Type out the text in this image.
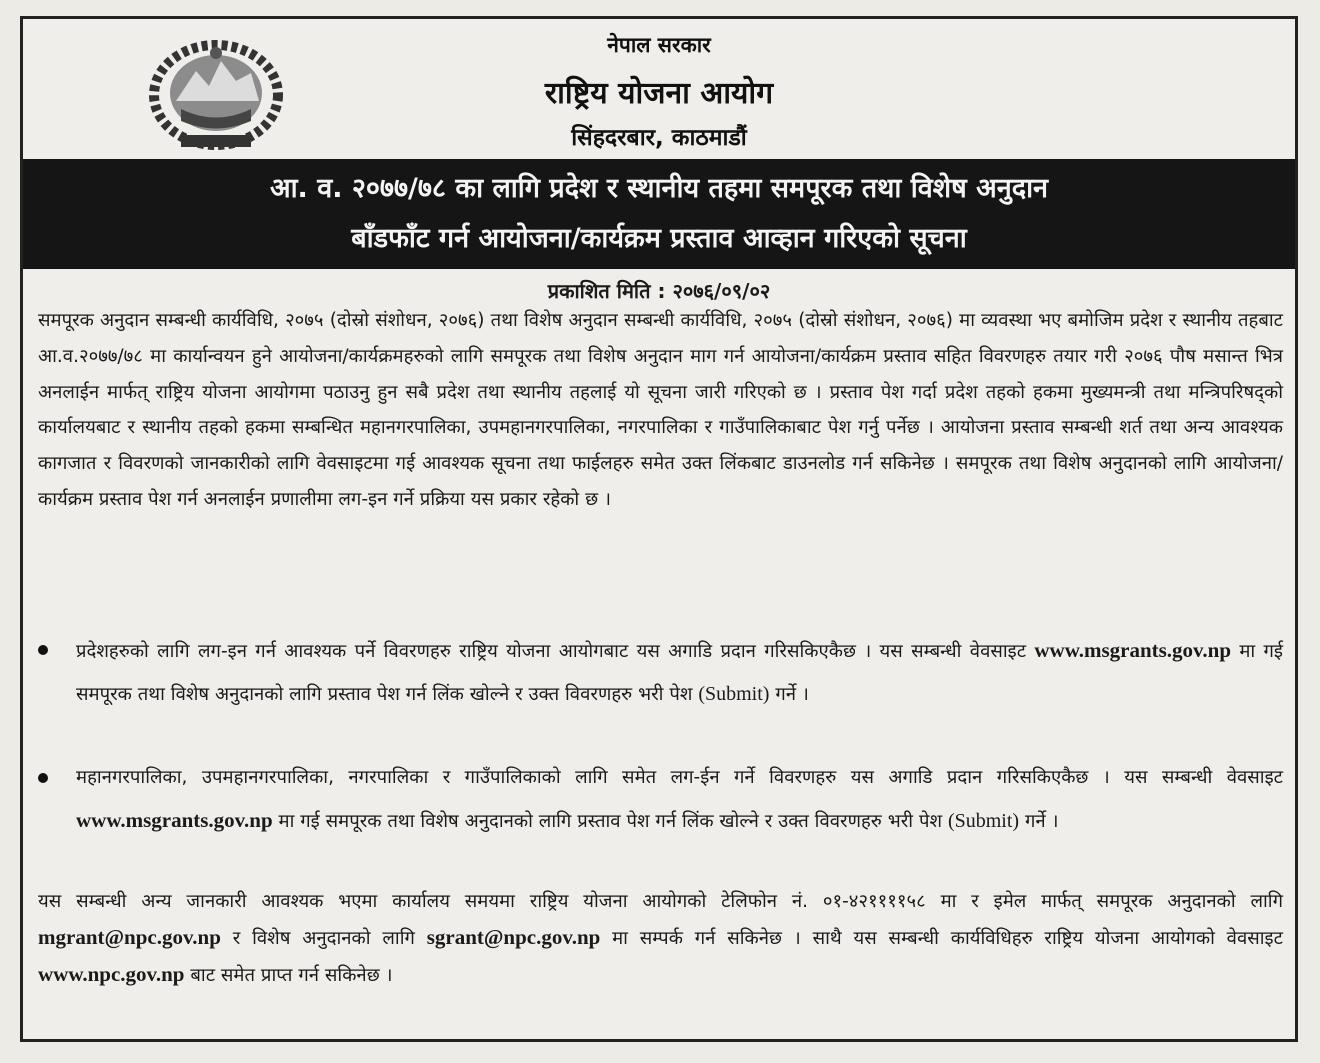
नेपाल सरकार
राष्ट्रिय योजना आयोग
सिंहदरबार, काठमाडौं
आ. व. २०७७/७८ का लागि प्रदेश र स्थानीय तहमा समपूरक तथा विशेष अनुदान
बाँडफाँट गर्न आयोजना/कार्यक्रम प्रस्ताव आव्हान गरिएको सूचना
प्रकाशित मिति : २०७६/०९/०२

समपूरक अनुदान सम्बन्धी कार्यविधि, २०७५ (दोस्रो संशोधन, २०७६) तथा विशेष अनुदान सम्बन्धी कार्यविधि, २०७५ (दोस्रो संशोधन, २०७६) मा व्यवस्था भए बमोजिम प्रदेश र स्थानीय तहबाट आ.व.२०७७/७८ मा कार्यान्वयन हुने आयोजना/कार्यक्रमहरुको लागि समपूरक तथा विशेष अनुदान माग गर्न आयोजना/कार्यक्रम प्रस्ताव सहित विवरणहरु तयार गरी २०७६ पौष मसान्त भित्र अनलाईन मार्फत् राष्ट्रिय योजना आयोगमा पठाउनु हुन सबै प्रदेश तथा स्थानीय तहलाई यो सूचना जारी गरिएको छ । प्रस्ताव पेश गर्दा प्रदेश तहको हकमा मुख्यमन्त्री तथा मन्त्रिपरिषद्को कार्यालयबाट र स्थानीय तहको हकमा सम्बन्धित महानगरपालिका, उपमहानगरपालिका, नगरपालिका र गाउँपालिकाबाट पेश गर्नु पर्नेछ । आयोजना प्रस्ताव सम्बन्धी शर्त तथा अन्य आवश्यक कागजात र विवरणको जानकारीको लागि वेवसाइटमा गई आवश्यक सूचना तथा फाईलहरु समेत उक्त लिंकबाट डाउनलोड गर्न सकिनेछ । समपूरक तथा विशेष अनुदानको लागि आयोजना/कार्यक्रम प्रस्ताव पेश गर्न अनलाईन प्रणालीमा लग-इन गर्ने प्रक्रिया यस प्रकार रहेको छ ।

प्रदेशहरुको लागि लग-इन गर्न आवश्यक पर्ने विवरणहरु राष्ट्रिय योजना आयोगबाट यस अगाडि प्रदान गरिसकिएकैछ । यस सम्बन्धी वेवसाइट www.msgrants.gov.np मा गई समपूरक तथा विशेष अनुदानको लागि प्रस्ताव पेश गर्न लिंक खोल्ने र उक्त विवरणहरु भरी पेश (Submit) गर्ने ।
महानगरपालिका, उपमहानगरपालिका, नगरपालिका र गाउँपालिकाको लागि समेत लग-ईन गर्ने विवरणहरु यस अगाडि प्रदान गरिसकिएकैछ । यस सम्बन्धी वेवसाइट www.msgrants.gov.np मा गई समपूरक तथा विशेष अनुदानको लागि प्रस्ताव पेश गर्न लिंक खोल्ने र उक्त विवरणहरु भरी पेश (Submit) गर्ने ।

यस सम्बन्धी अन्य जानकारी आवश्यक भएमा कार्यालय समयमा राष्ट्रिय योजना आयोगको टेलिफोन नं. ०१-४२११११५८ मा र इमेल मार्फत् समपूरक अनुदानको लागि mgrant@npc.gov.np र विशेष अनुदानको लागि sgrant@npc.gov.np मा सम्पर्क गर्न सकिनेछ । साथै यस सम्बन्धी कार्यविधिहरु राष्ट्रिय योजना आयोगको वेवसाइट www.npc.gov.np बाट समेत प्राप्त गर्न सकिनेछ ।
